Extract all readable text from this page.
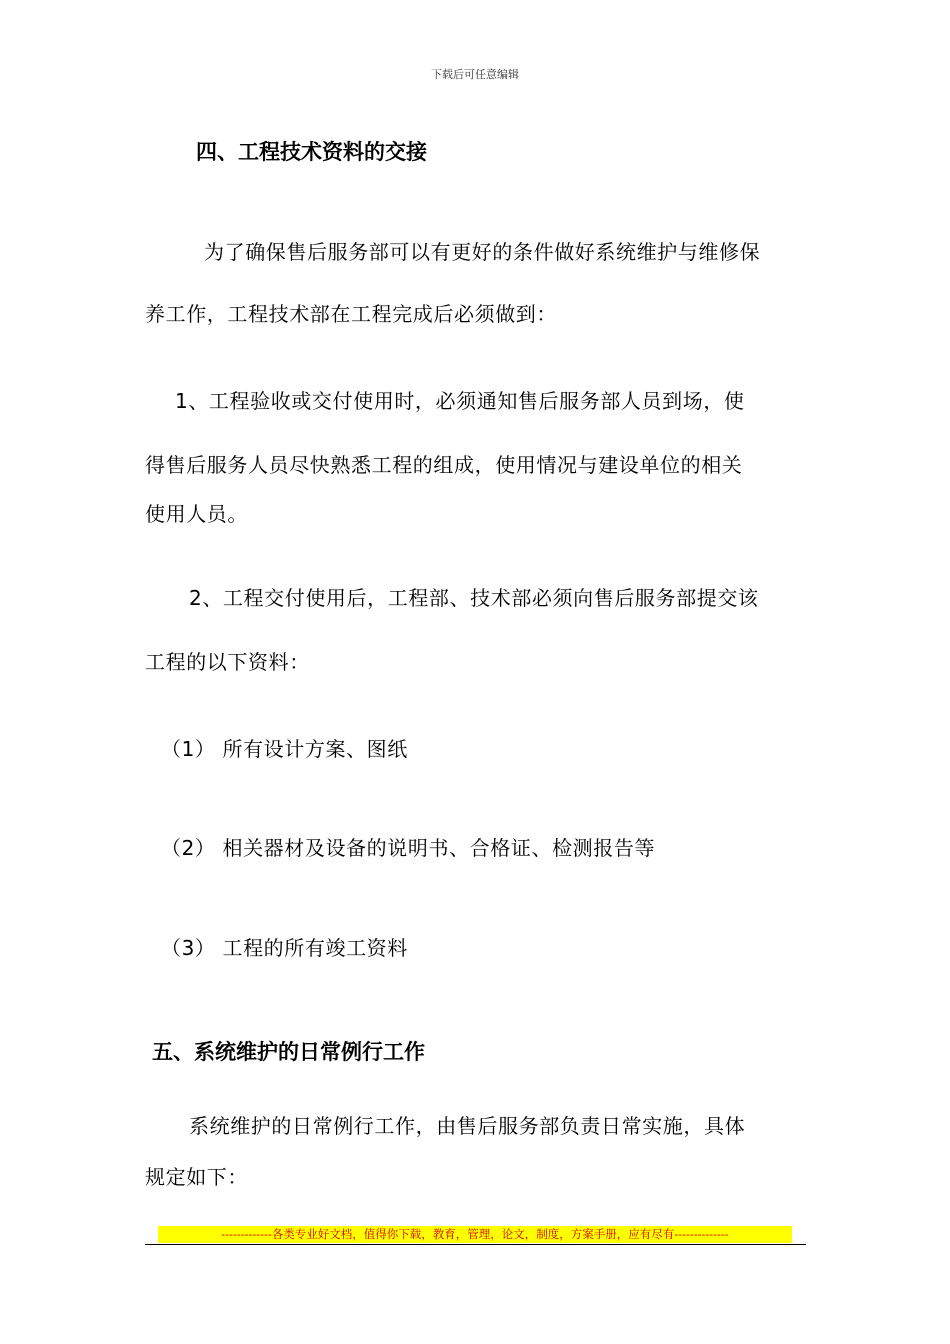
下载后可任意编辑
四、工程技术资料的交接
为了确保售后服务部可以有更好的条件做好系统维护与维修保
养工作，工程技术部在工程完成后必须做到：
1、工程验收或交付使用时，必须通知售后服务部人员到场，使
得售后服务人员尽快熟悉工程的组成，使用情况与建设单位的相关
使用人员。
2、工程交付使用后，工程部、技术部必须向售后服务部提交该
工程的以下资料：
（1） 所有设计方案、图纸
（2） 相关器材及设备的说明书、合格证、检测报告等
（3） 工程的所有竣工资料
五、系统维护的日常例行工作
系统维护的日常例行工作，由售后服务部负责日常实施，具体
规定如下：
-------------各类专业好文档，值得你下载，教育，管理，论文，制度，方案手册，应有尽有--------------
